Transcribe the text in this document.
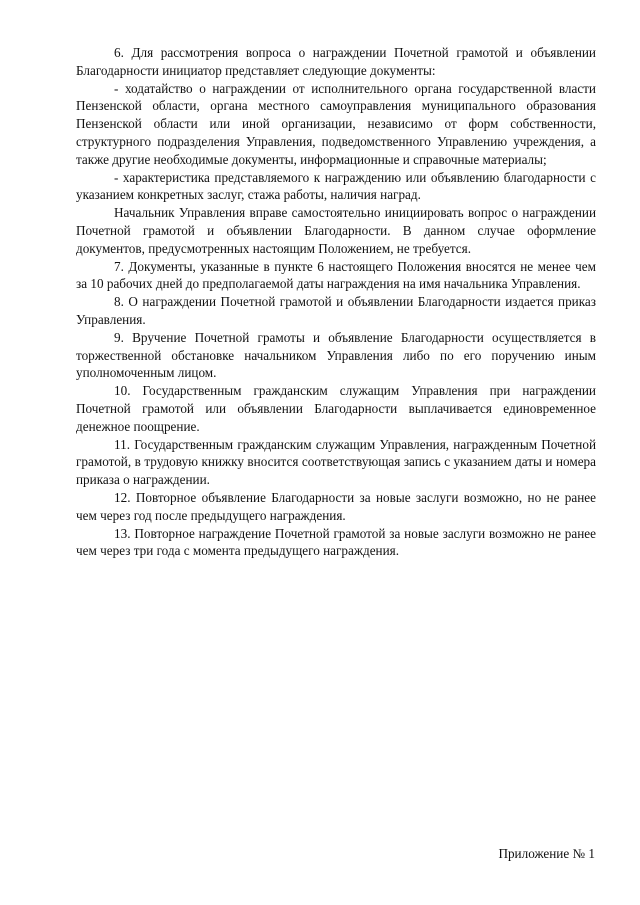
6. Для рассмотрения вопроса о награждении Почетной грамотой и объявлении Благодарности инициатор представляет следующие документы:

- ходатайство о награждении от исполнительного органа государственной власти Пензенской области, органа местного самоуправления муниципального образования Пензенской области или иной организации, независимо от форм собственности, структурного подразделения Управления, подведомственного Управлению учреждения, а также другие необходимые документы, информационные и справочные материалы;

- характеристика представляемого к награждению или объявлению благодарности с указанием конкретных заслуг, стажа работы, наличия наград.

Начальник Управления вправе самостоятельно инициировать вопрос о награждении Почетной грамотой и объявлении Благодарности. В данном случае оформление документов, предусмотренных настоящим Положением, не требуется.

7. Документы, указанные в пункте 6 настоящего Положения вносятся не менее чем за 10 рабочих дней до предполагаемой даты награждения на имя начальника Управления.

8. О награждении Почетной грамотой и объявлении Благодарности издается приказ Управления.

9. Вручение Почетной грамоты и объявление Благодарности осуществляется в торжественной обстановке начальником Управления либо по его поручению иным уполномоченным лицом.

10. Государственным гражданским служащим Управления при награждении Почетной грамотой или объявлении Благодарности выплачивается единовременное денежное поощрение.

11. Государственным гражданским служащим Управления, награжденным Почетной грамотой, в трудовую книжку вносится соответствующая запись с указанием даты и номера приказа о награждении.

12. Повторное объявление Благодарности за новые заслуги возможно, но не ранее чем через год после предыдущего награждения.

13. Повторное награждение Почетной грамотой за новые заслуги возможно не ранее чем через три года с момента предыдущего награждения.

Приложение № 1
